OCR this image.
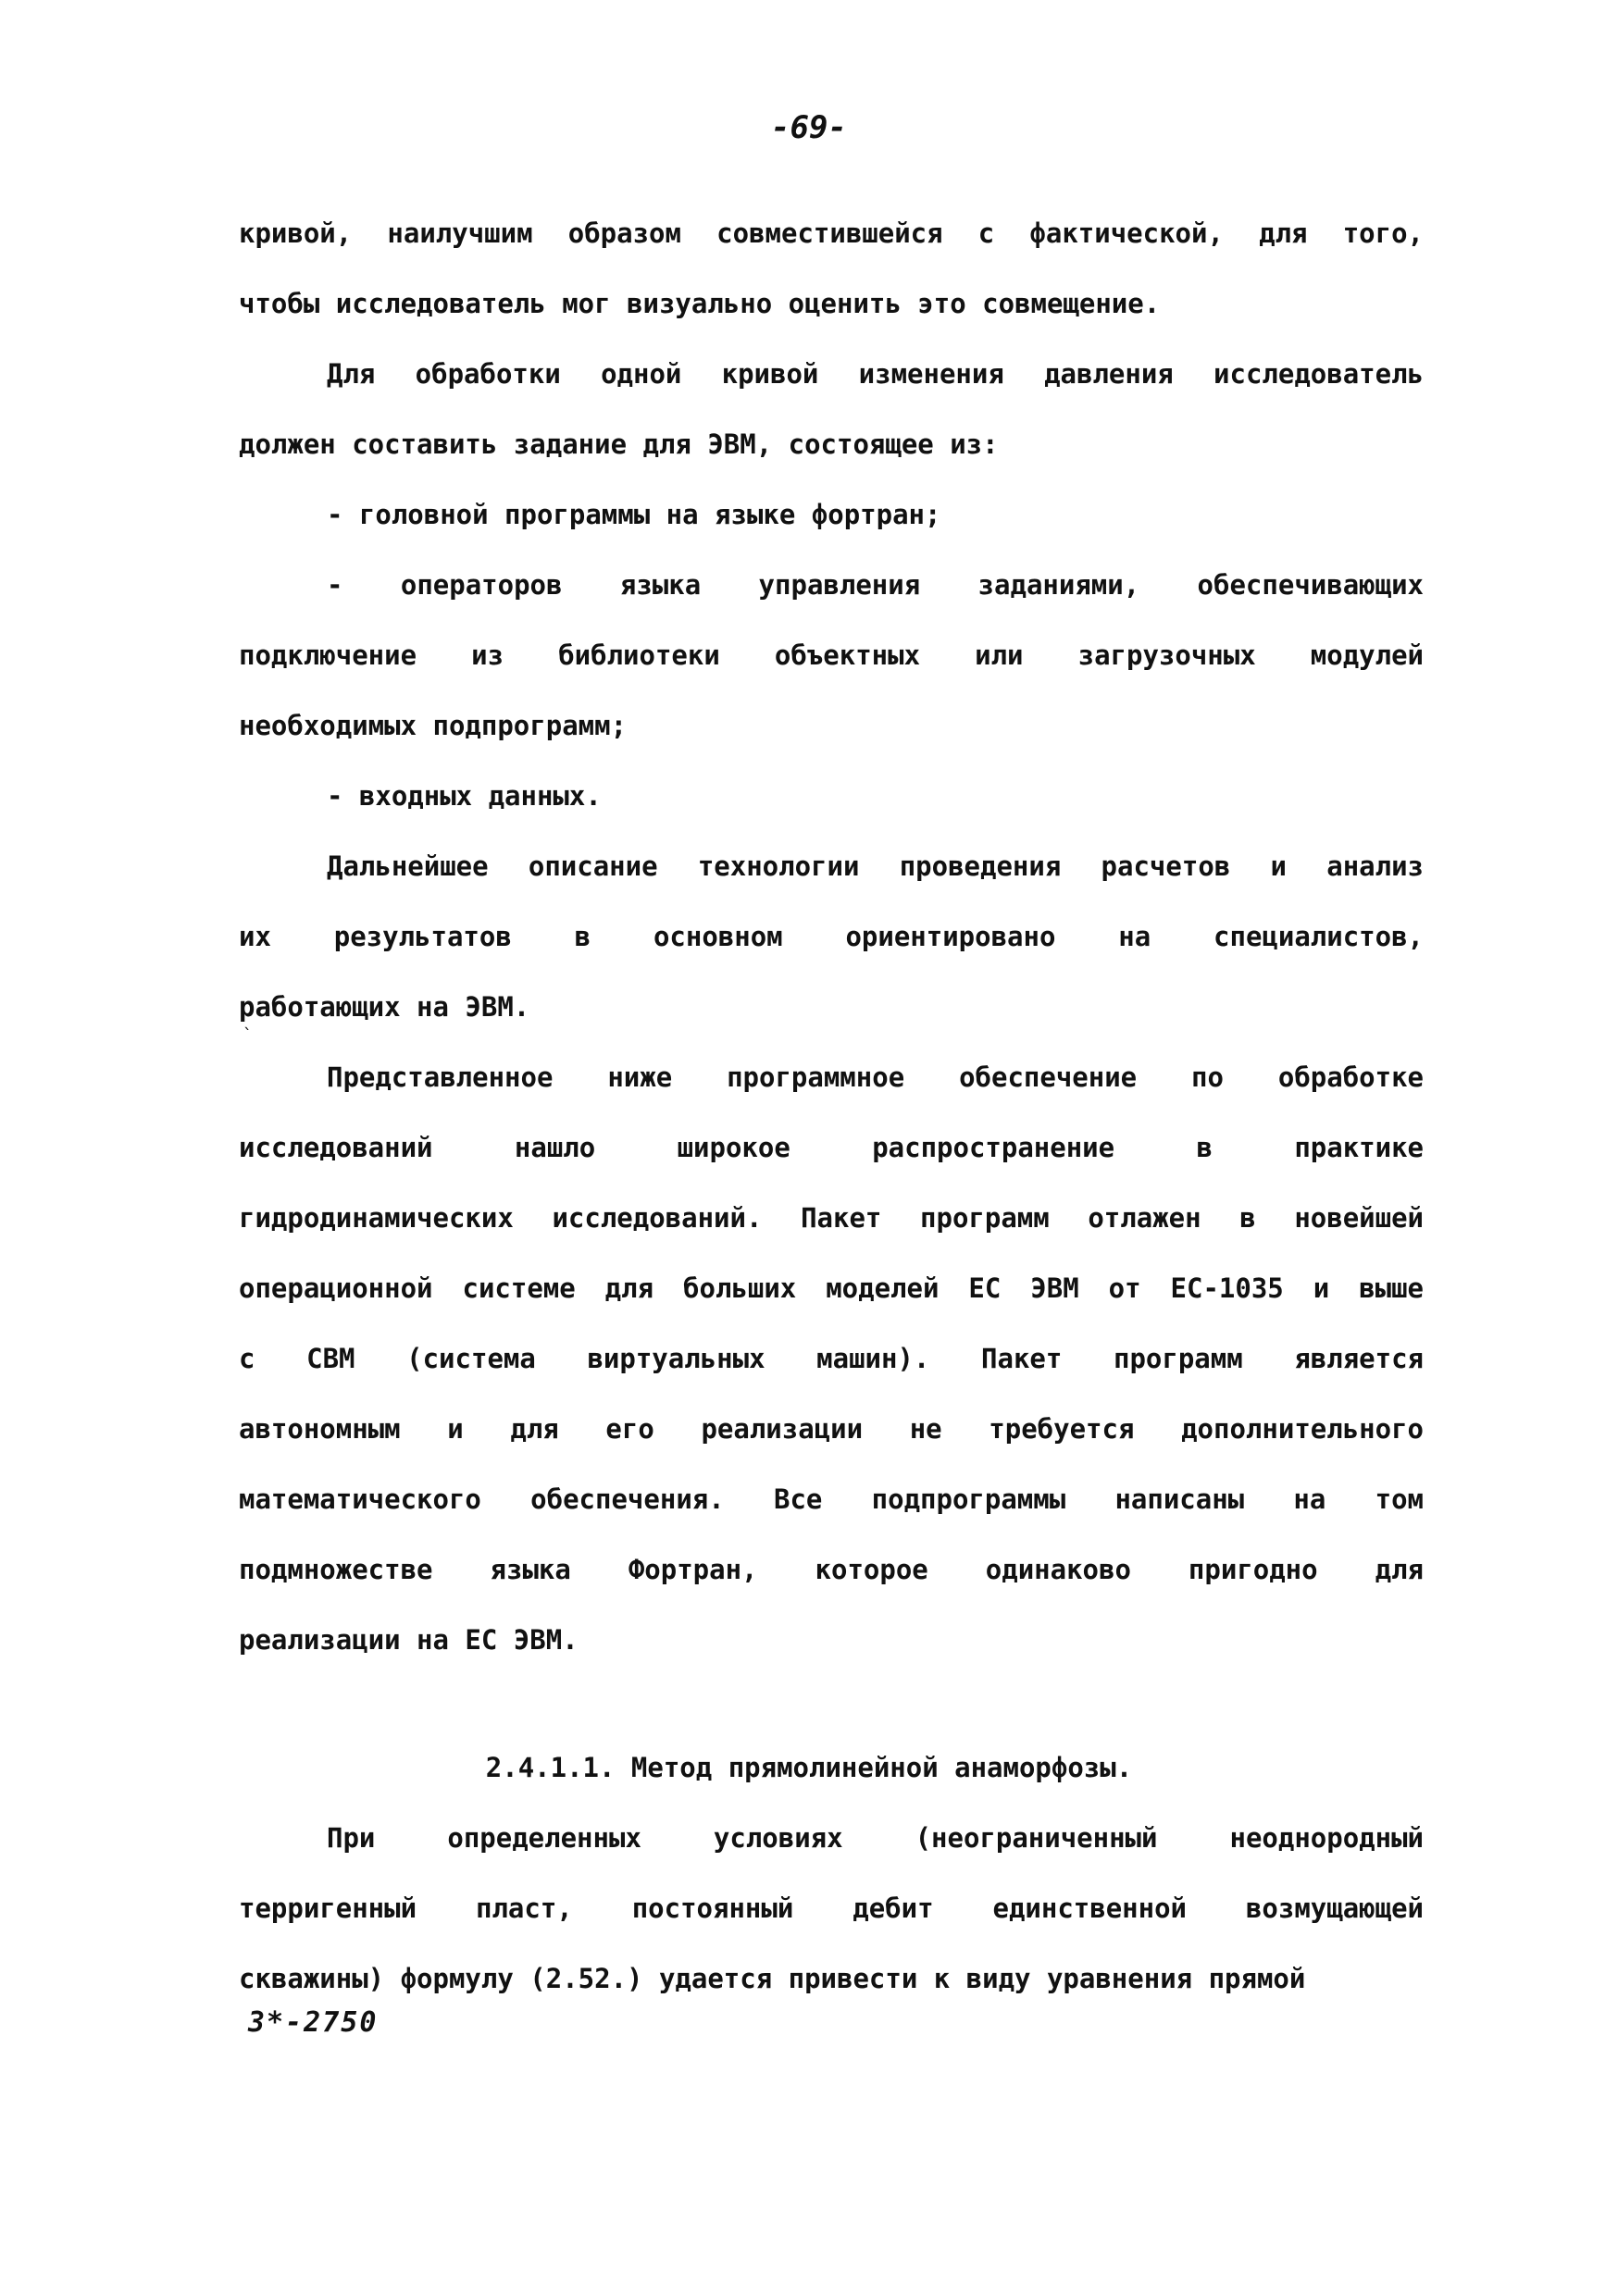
-69-
кривой, наилучшим образом совместившейся с фактической, для того,
чтобы исследователь мог визуально оценить это совмещение.
Для обработки одной кривой изменения давления исследователь
должен составить задание для ЭВМ, состоящее из:
- головной программы на языке фортран;
- операторов языка управления заданиями, обеспечивающих
подключение из библиотеки объектных или загрузочных модулей
необходимых подпрограмм;
- входных данных.
Дальнейшее описание технологии проведения расчетов и анализ
их результатов в основном ориентировано на специалистов,
работающих на ЭВМ.
`
Представленное ниже программное обеспечение по обработке
исследований нашло широкое распространение в практике
гидродинамических исследований. Пакет программ отлажен в новейшей
операционной системе для больших моделей ЕС ЭВМ от ЕС-1035 и выше
с СВМ (система виртуальных машин). Пакет программ является
автономным и для его реализации не требуется дополнительного
математического обеспечения. Все подпрограммы написаны на том
подмножестве языка Фортран, которое одинаково пригодно для
реализации на ЕС ЭВМ.
2.4.1.1. Метод прямолинейной анаморфозы.
При определенных условиях (неограниченный неоднородный
терригенный пласт, постоянный дебит единственной возмущающей
скважины) формулу (2.52.) удается привести к виду уравнения прямой
3*-2750
